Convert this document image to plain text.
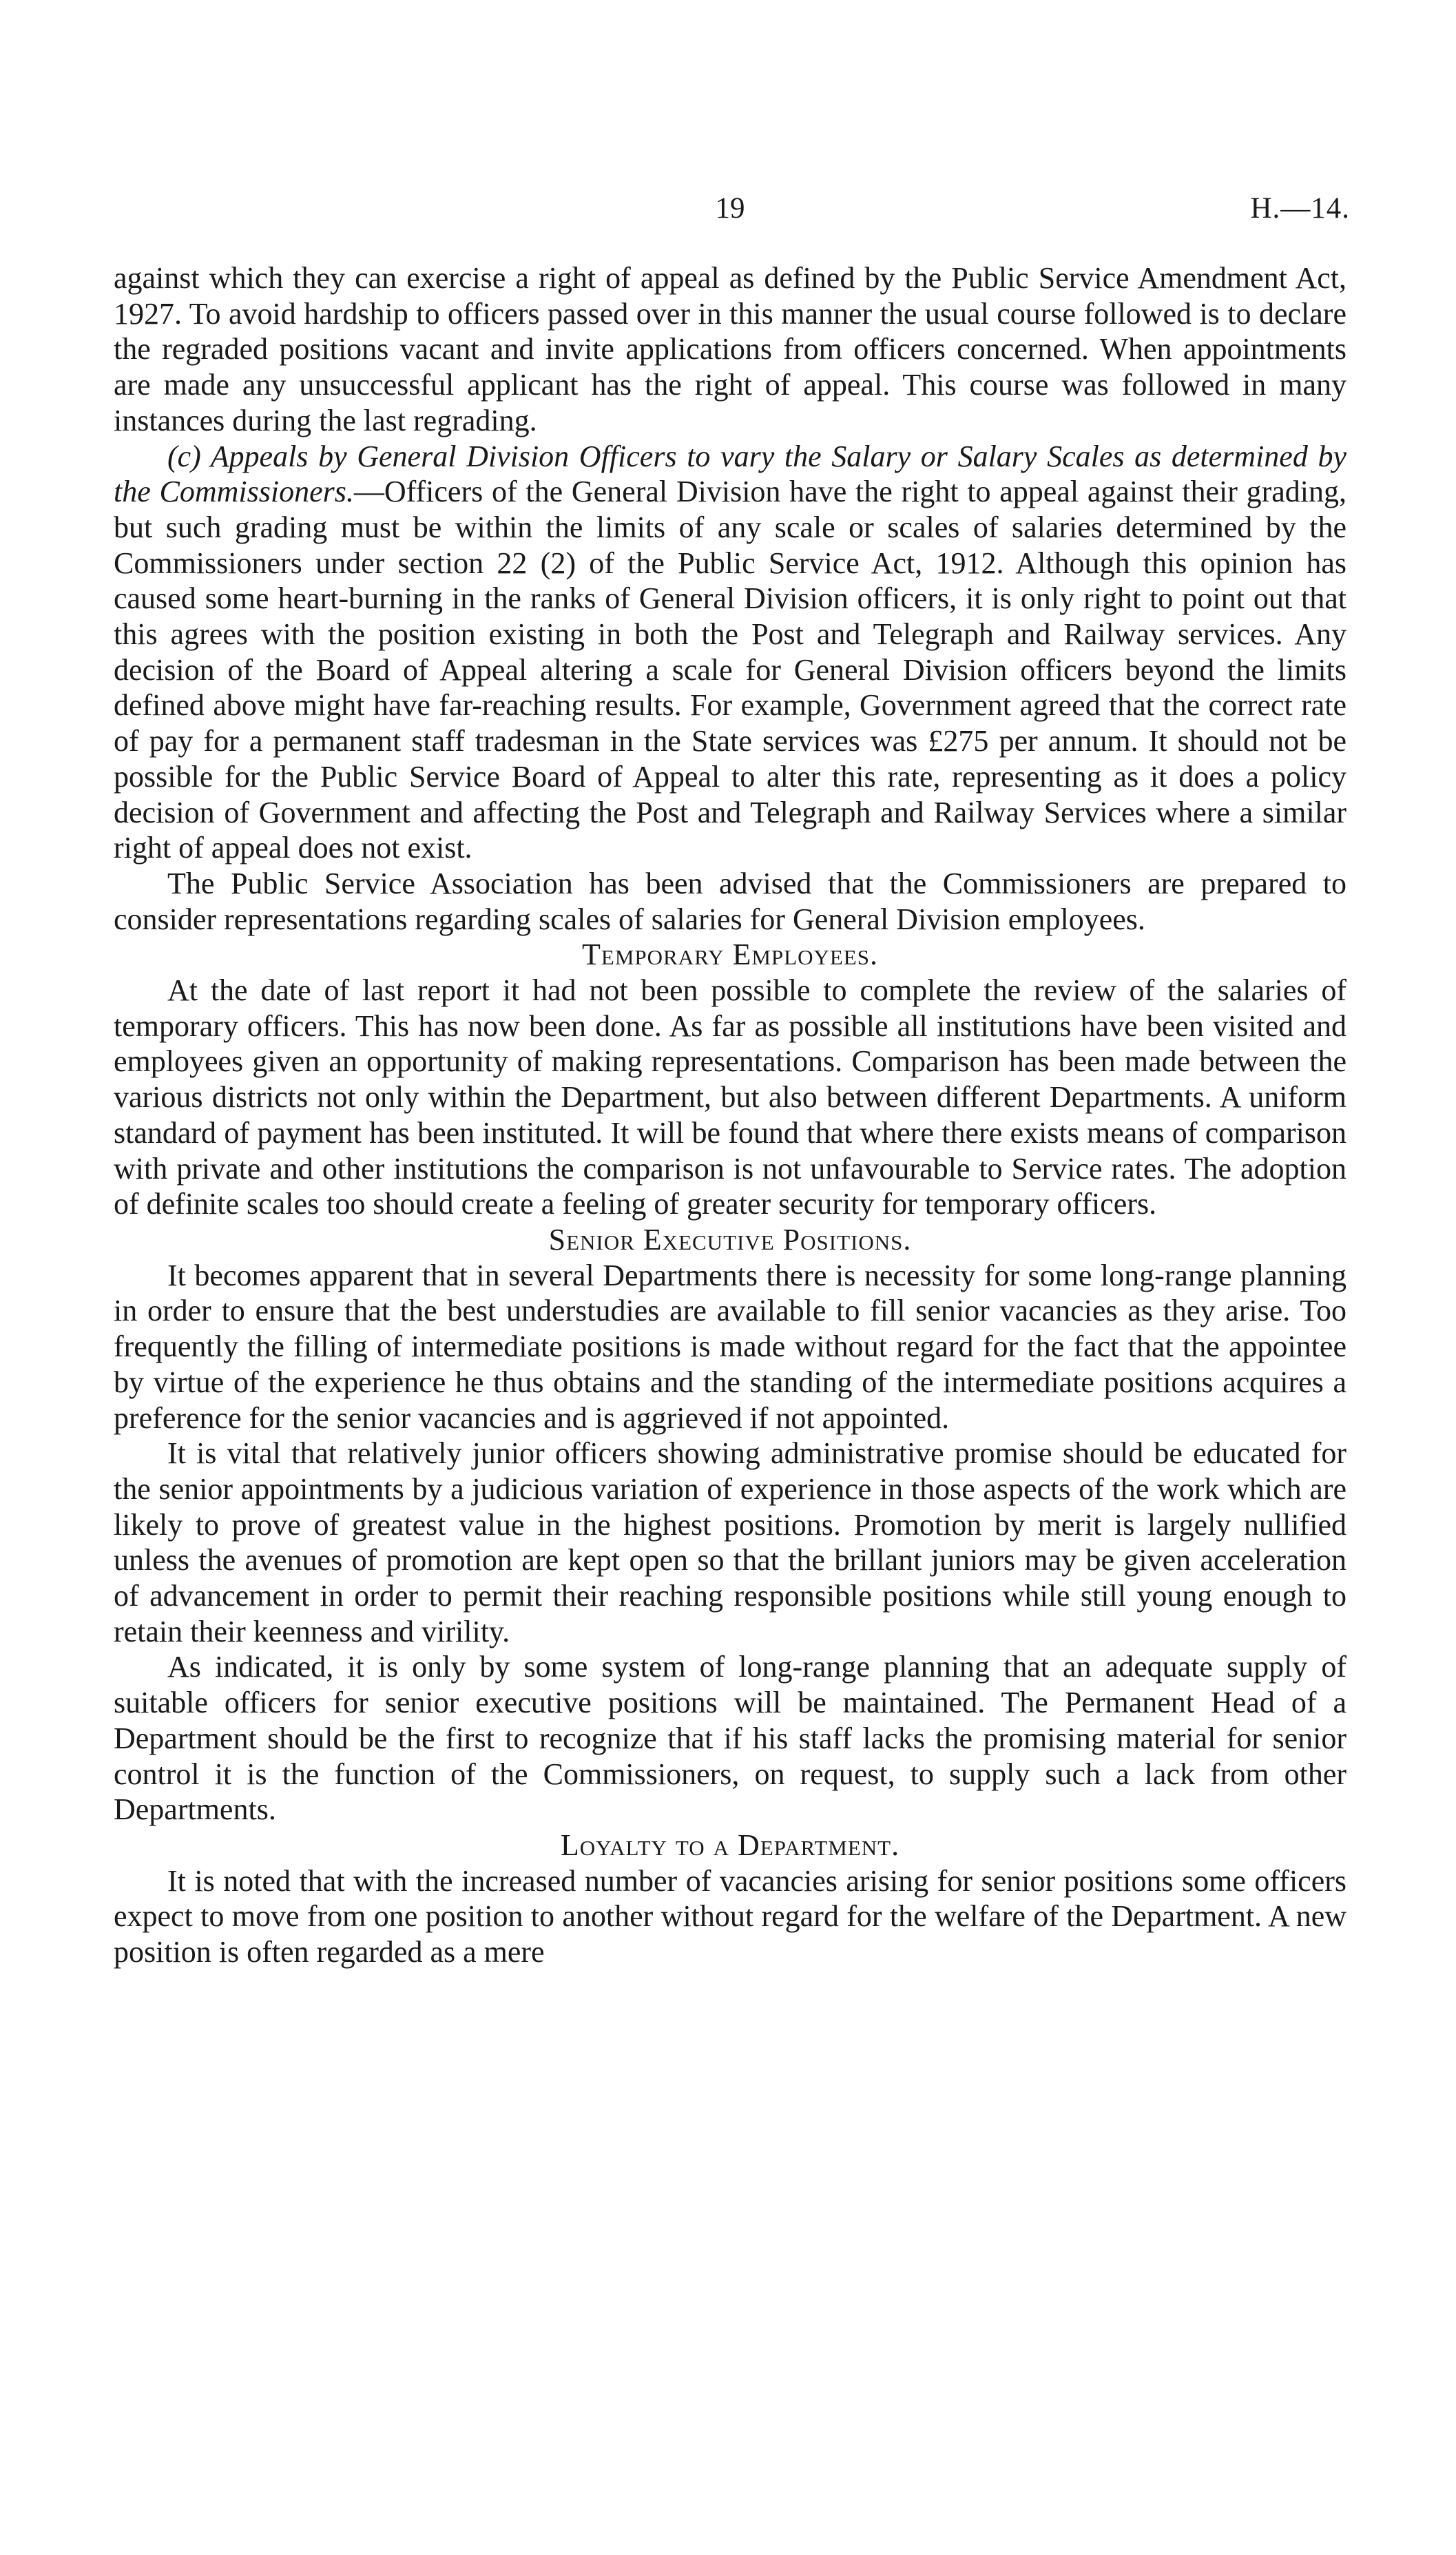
19	H.—14.

against which they can exercise a right of appeal as defined by the Public Service Amendment Act, 1927. To avoid hardship to officers passed over in this manner the usual course followed is to declare the regraded positions vacant and invite applications from officers concerned. When appointments are made any unsuccessful applicant has the right of appeal. This course was followed in many instances during the last regrading.

(c) Appeals by General Division Officers to vary the Salary or Salary Scales as determined by the Commissioners.—Officers of the General Division have the right to appeal against their grading, but such grading must be within the limits of any scale or scales of salaries determined by the Commissioners under section 22 (2) of the Public Service Act, 1912. Although this opinion has caused some heart-burning in the ranks of General Division officers, it is only right to point out that this agrees with the position existing in both the Post and Telegraph and Railway services. Any decision of the Board of Appeal altering a scale for General Division officers beyond the limits defined above might have far-reaching results. For example, Government agreed that the correct rate of pay for a permanent staff tradesman in the State services was £275 per annum. It should not be possible for the Public Service Board of Appeal to alter this rate, representing as it does a policy decision of Government and affecting the Post and Telegraph and Railway Services where a similar right of appeal does not exist.

The Public Service Association has been advised that the Commissioners are prepared to consider representations regarding scales of salaries for General Division employees.

Temporary Employees.

At the date of last report it had not been possible to complete the review of the salaries of temporary officers. This has now been done. As far as possible all institutions have been visited and employees given an opportunity of making representations. Comparison has been made between the various districts not only within the Department, but also between different Departments. A uniform standard of payment has been instituted. It will be found that where there exists means of comparison with private and other institutions the comparison is not unfavourable to Service rates. The adoption of definite scales too should create a feeling of greater security for temporary officers.

Senior Executive Positions.

It becomes apparent that in several Departments there is necessity for some long-range planning in order to ensure that the best understudies are available to fill senior vacancies as they arise. Too frequently the filling of intermediate positions is made without regard for the fact that the appointee by virtue of the experience he thus obtains and the standing of the intermediate positions acquires a preference for the senior vacancies and is aggrieved if not appointed.

It is vital that relatively junior officers showing administrative promise should be educated for the senior appointments by a judicious variation of experience in those aspects of the work which are likely to prove of greatest value in the highest positions. Promotion by merit is largely nullified unless the avenues of promotion are kept open so that the brillant juniors may be given acceleration of advancement in order to permit their reaching responsible positions while still young enough to retain their keenness and virility.

As indicated, it is only by some system of long-range planning that an adequate supply of suitable officers for senior executive positions will be maintained. The Permanent Head of a Department should be the first to recognize that if his staff lacks the promising material for senior control it is the function of the Commissioners, on request, to supply such a lack from other Departments.

Loyalty to a Department.

It is noted that with the increased number of vacancies arising for senior positions some officers expect to move from one position to another without regard for the welfare of the Department. A new position is often regarded as a mere
